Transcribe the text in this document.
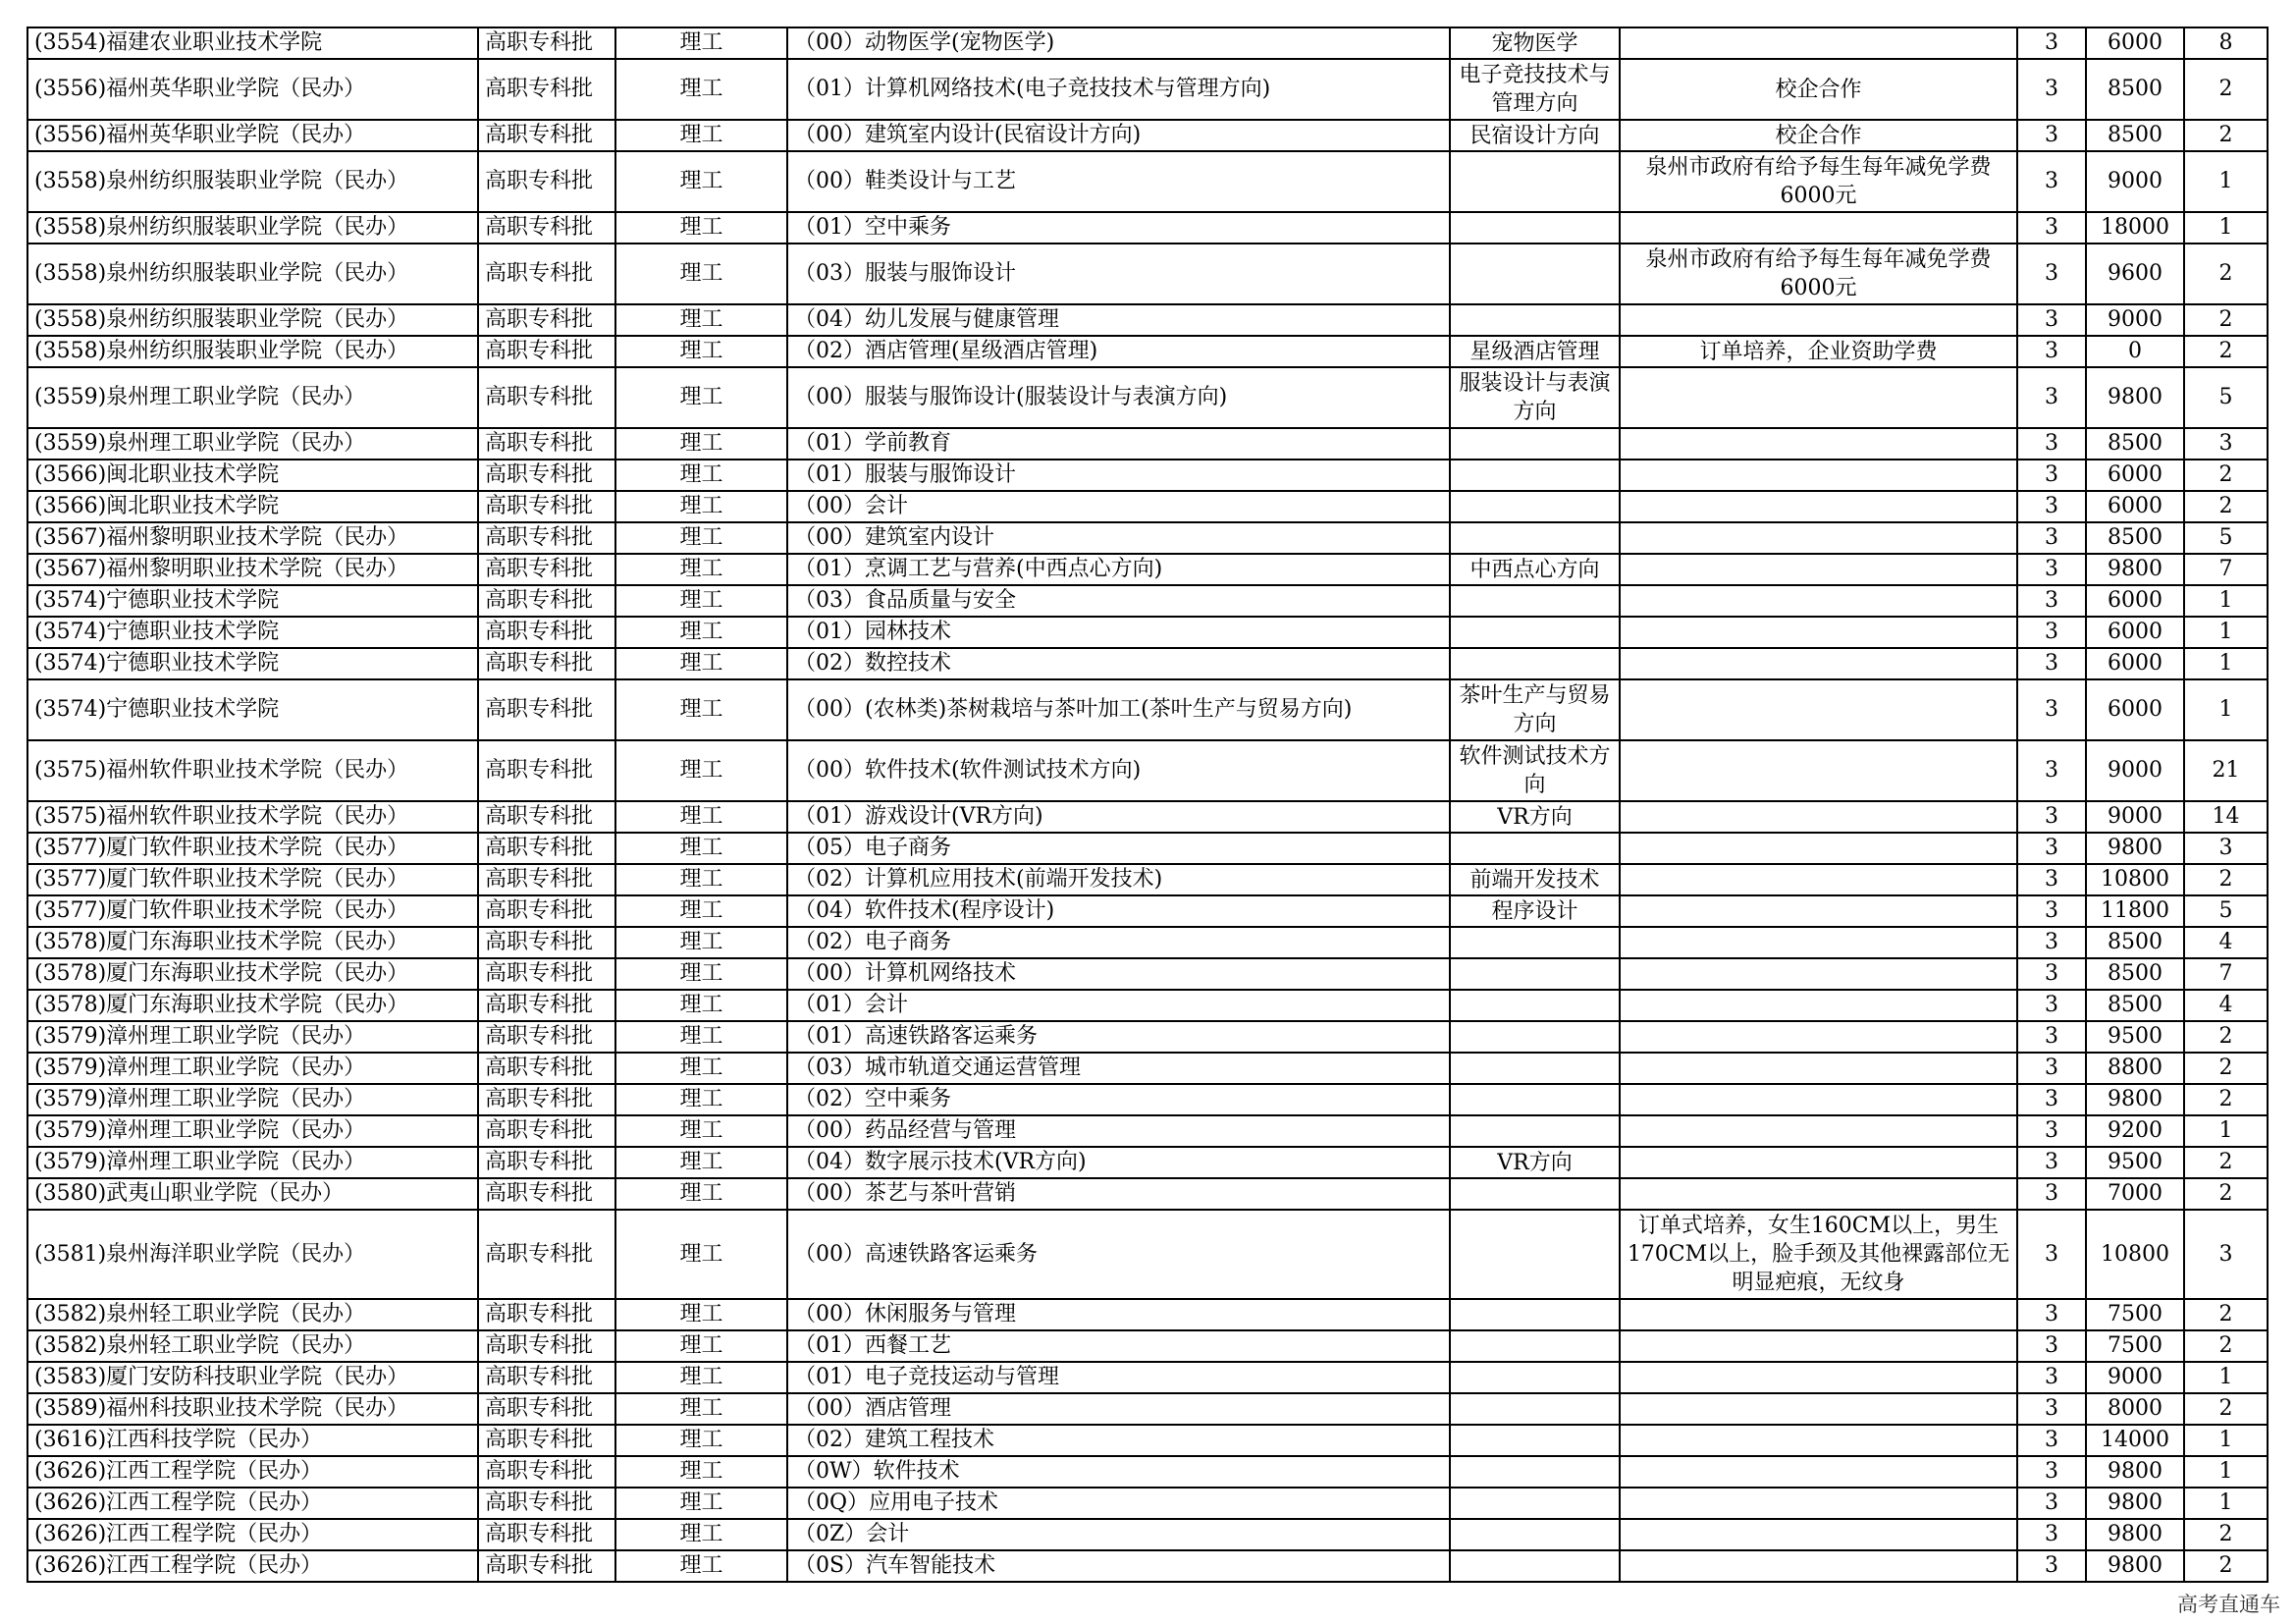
(3554)福建农业职业技术学院	高职专科批	理工	（00）动物医学(宠物医学)	宠物医学		3	6000	8
(3556)福州英华职业学院（民办）	高职专科批	理工	（01）计算机网络技术(电子竞技技术与管理方向)	电子竞技技术与管理方向	校企合作	3	8500	2
(3556)福州英华职业学院（民办）	高职专科批	理工	（00）建筑室内设计(民宿设计方向)	民宿设计方向	校企合作	3	8500	2
(3558)泉州纺织服装职业学院（民办）	高职专科批	理工	（00）鞋类设计与工艺		泉州市政府有给予每生每年减免学费6000元	3	9000	1
(3558)泉州纺织服装职业学院（民办）	高职专科批	理工	（01）空中乘务			3	18000	1
(3558)泉州纺织服装职业学院（民办）	高职专科批	理工	（03）服装与服饰设计		泉州市政府有给予每生每年减免学费6000元	3	9600	2
(3558)泉州纺织服装职业学院（民办）	高职专科批	理工	（04）幼儿发展与健康管理			3	9000	2
(3558)泉州纺织服装职业学院（民办）	高职专科批	理工	（02）酒店管理(星级酒店管理)	星级酒店管理	订单培养，企业资助学费	3	0	2
(3559)泉州理工职业学院（民办）	高职专科批	理工	（00）服装与服饰设计(服装设计与表演方向)	服装设计与表演方向		3	9800	5
(3559)泉州理工职业学院（民办）	高职专科批	理工	（01）学前教育			3	8500	3
(3566)闽北职业技术学院	高职专科批	理工	（01）服装与服饰设计			3	6000	2
(3566)闽北职业技术学院	高职专科批	理工	（00）会计			3	6000	2
(3567)福州黎明职业技术学院（民办）	高职专科批	理工	（00）建筑室内设计			3	8500	5
(3567)福州黎明职业技术学院（民办）	高职专科批	理工	（01）烹调工艺与营养(中西点心方向)	中西点心方向		3	9800	7
(3574)宁德职业技术学院	高职专科批	理工	（03）食品质量与安全			3	6000	1
(3574)宁德职业技术学院	高职专科批	理工	（01）园林技术			3	6000	1
(3574)宁德职业技术学院	高职专科批	理工	（02）数控技术			3	6000	1
(3574)宁德职业技术学院	高职专科批	理工	（00）(农林类)茶树栽培与茶叶加工(茶叶生产与贸易方向)	茶叶生产与贸易方向		3	6000	1
(3575)福州软件职业技术学院（民办）	高职专科批	理工	（00）软件技术(软件测试技术方向)	软件测试技术方向		3	9000	21
(3575)福州软件职业技术学院（民办）	高职专科批	理工	（01）游戏设计(VR方向)	VR方向		3	9000	14
(3577)厦门软件职业技术学院（民办）	高职专科批	理工	（05）电子商务			3	9800	3
(3577)厦门软件职业技术学院（民办）	高职专科批	理工	（02）计算机应用技术(前端开发技术)	前端开发技术		3	10800	2
(3577)厦门软件职业技术学院（民办）	高职专科批	理工	（04）软件技术(程序设计)	程序设计		3	11800	5
(3578)厦门东海职业技术学院（民办）	高职专科批	理工	（02）电子商务			3	8500	4
(3578)厦门东海职业技术学院（民办）	高职专科批	理工	（00）计算机网络技术			3	8500	7
(3578)厦门东海职业技术学院（民办）	高职专科批	理工	（01）会计			3	8500	4
(3579)漳州理工职业学院（民办）	高职专科批	理工	（01）高速铁路客运乘务			3	9500	2
(3579)漳州理工职业学院（民办）	高职专科批	理工	（03）城市轨道交通运营管理			3	8800	2
(3579)漳州理工职业学院（民办）	高职专科批	理工	（02）空中乘务			3	9800	2
(3579)漳州理工职业学院（民办）	高职专科批	理工	（00）药品经营与管理			3	9200	1
(3579)漳州理工职业学院（民办）	高职专科批	理工	（04）数字展示技术(VR方向)	VR方向		3	9500	2
(3580)武夷山职业学院（民办）	高职专科批	理工	（00）茶艺与茶叶营销			3	7000	2
(3581)泉州海洋职业学院（民办）	高职专科批	理工	（00）高速铁路客运乘务		订单式培养，女生160CM以上，男生170CM以上，脸手颈及其他裸露部位无明显疤痕，无纹身	3	10800	3
(3582)泉州轻工职业学院（民办）	高职专科批	理工	（00）休闲服务与管理			3	7500	2
(3582)泉州轻工职业学院（民办）	高职专科批	理工	（01）西餐工艺			3	7500	2
(3583)厦门安防科技职业学院（民办）	高职专科批	理工	（01）电子竞技运动与管理			3	9000	1
(3589)福州科技职业技术学院（民办）	高职专科批	理工	（00）酒店管理			3	8000	2
(3616)江西科技学院（民办）	高职专科批	理工	（02）建筑工程技术			3	14000	1
(3626)江西工程学院（民办）	高职专科批	理工	（0W）软件技术			3	9800	1
(3626)江西工程学院（民办）	高职专科批	理工	（0Q）应用电子技术			3	9800	1
(3626)江西工程学院（民办）	高职专科批	理工	（0Z）会计			3	9800	2
(3626)江西工程学院（民办）	高职专科批	理工	（0S）汽车智能技术			3	9800	2
高考直通车
